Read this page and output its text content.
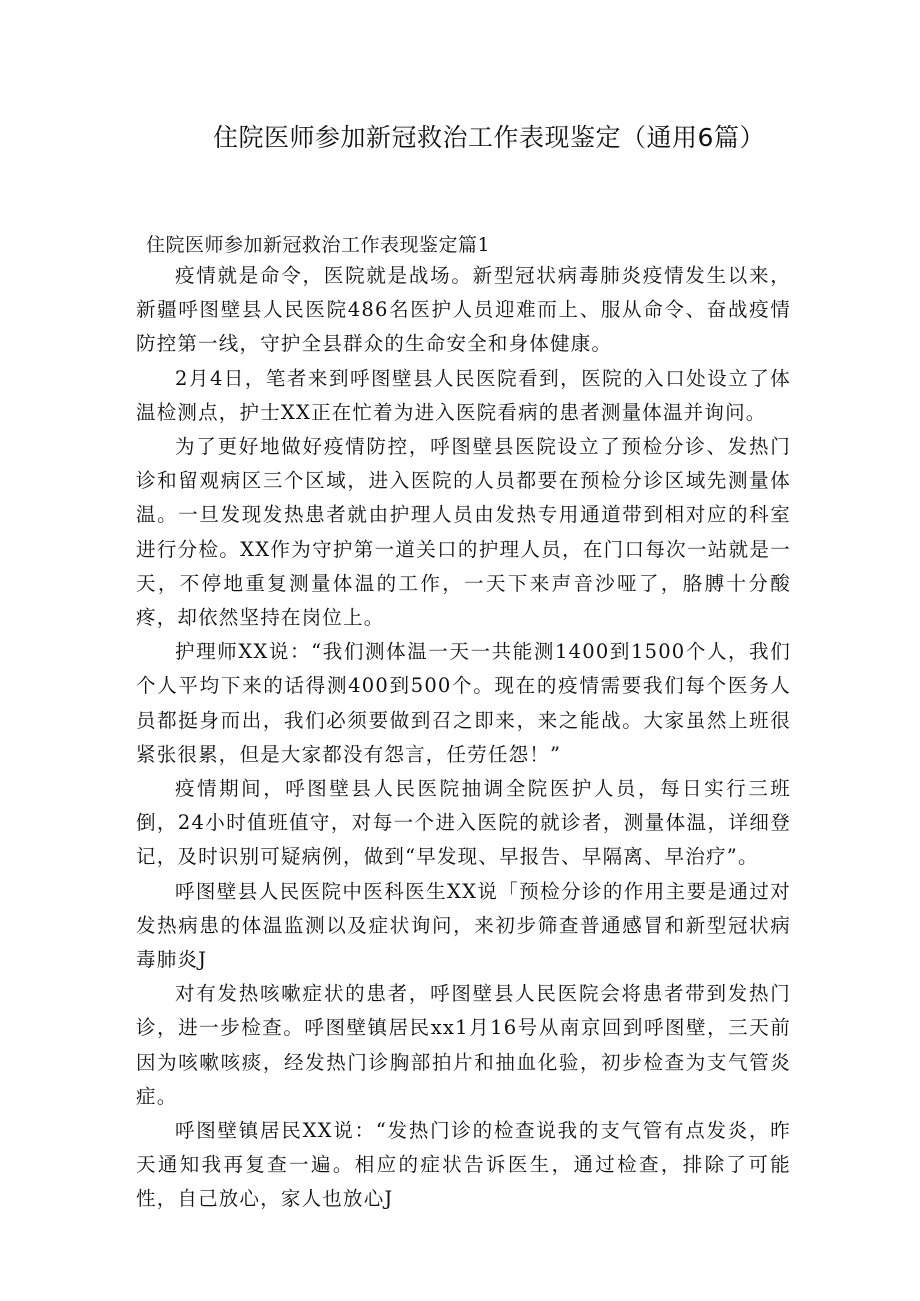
住院医师参加新冠救治工作表现鉴定（通用6篇）
住院医师参加新冠救治工作表现鉴定篇1

疫情就是命令，医院就是战场。新型冠状病毒肺炎疫情发生以来，新疆呼图壁县人民医院486名医护人员迎难而上、服从命令、奋战疫情防控第一线，守护全县群众的生命安全和身体健康。

2月4日，笔者来到呼图壁县人民医院看到，医院的入口处设立了体温检测点，护士XX正在忙着为进入医院看病的患者测量体温并询问。

为了更好地做好疫情防控，呼图壁县医院设立了预检分诊、发热门诊和留观病区三个区域，进入医院的人员都要在预检分诊区域先测量体温。一旦发现发热患者就由护理人员由发热专用通道带到相对应的科室进行分检。XX作为守护第一道关口的护理人员，在门口每次一站就是一天，不停地重复测量体温的工作，一天下来声音沙哑了，胳膊十分酸疼，却依然坚持在岗位上。

护理师XX说：“我们测体温一天一共能测1400到1500个人，我们个人平均下来的话得测400到500个。现在的疫情需要我们每个医务人员都挺身而出，我们必须要做到召之即来，来之能战。大家虽然上班很紧张很累，但是大家都没有怨言，任劳任怨！”

疫情期间，呼图壁县人民医院抽调全院医护人员，每日实行三班倒，24小时值班值守，对每一个进入医院的就诊者，测量体温，详细登记，及时识别可疑病例，做到“早发现、早报告、早隔离、早治疗”。

呼图壁县人民医院中医科医生XX说「预检分诊的作用主要是通过对发热病患的体温监测以及症状询问，来初步筛查普通感冒和新型冠状病毒肺炎J

对有发热咳嗽症状的患者，呼图壁县人民医院会将患者带到发热门诊，进一步检查。呼图壁镇居民xx1月16号从南京回到呼图壁，三天前因为咳嗽咳痰，经发热门诊胸部拍片和抽血化验，初步检查为支气管炎症。

呼图壁镇居民XX说：“发热门诊的检查说我的支气管有点发炎，昨天通知我再复查一遍。相应的症状告诉医生，通过检查，排除了可能性，自己放心，家人也放心J
